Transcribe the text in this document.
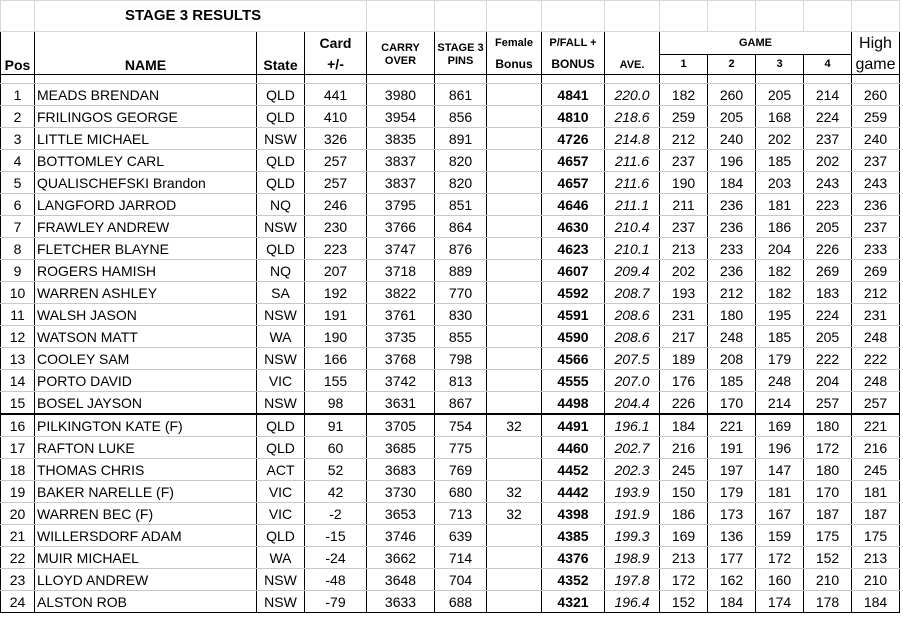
	STAGE 3 RESULTS												
Pos	NAME	State	Card	CARRY	STAGE 3	Female	P/FALL +	AVE.	GAME				High
			+/-	OVER	PINS	Bonus	BONUS		1	2	3	4	game

1	MEADS BRENDAN	QLD	441	3980	861		4841	220.0	182	260	205	214	260
2	FRILINGOS GEORGE	QLD	410	3954	856		4810	218.6	259	205	168	224	259
3	LITTLE MICHAEL	NSW	326	3835	891		4726	214.8	212	240	202	237	240
4	BOTTOMLEY CARL	QLD	257	3837	820		4657	211.6	237	196	185	202	237
5	QUALISCHEFSKI Brandon	QLD	257	3837	820		4657	211.6	190	184	203	243	243
6	LANGFORD JARROD	NQ	246	3795	851		4646	211.1	211	236	181	223	236
7	FRAWLEY ANDREW	NSW	230	3766	864		4630	210.4	237	236	186	205	237
8	FLETCHER BLAYNE	QLD	223	3747	876		4623	210.1	213	233	204	226	233
9	ROGERS HAMISH	NQ	207	3718	889		4607	209.4	202	236	182	269	269
10	WARREN ASHLEY	SA	192	3822	770		4592	208.7	193	212	182	183	212
11	WALSH JASON	NSW	191	3761	830		4591	208.6	231	180	195	224	231
12	WATSON MATT	WA	190	3735	855		4590	208.6	217	248	185	205	248
13	COOLEY SAM	NSW	166	3768	798		4566	207.5	189	208	179	222	222
14	PORTO DAVID	VIC	155	3742	813		4555	207.0	176	185	248	204	248
15	BOSEL JAYSON	NSW	98	3631	867		4498	204.4	226	170	214	257	257
16	PILKINGTON KATE (F)	QLD	91	3705	754	32	4491	196.1	184	221	169	180	221
17	RAFTON LUKE	QLD	60	3685	775		4460	202.7	216	191	196	172	216
18	THOMAS CHRIS	ACT	52	3683	769		4452	202.3	245	197	147	180	245
19	BAKER NARELLE (F)	VIC	42	3730	680	32	4442	193.9	150	179	181	170	181
20	WARREN BEC (F)	VIC	-2	3653	713	32	4398	191.9	186	173	167	187	187
21	WILLERSDORF ADAM	QLD	-15	3746	639		4385	199.3	169	136	159	175	175
22	MUIR MICHAEL	WA	-24	3662	714		4376	198.9	213	177	172	152	213
23	LLOYD ANDREW	NSW	-48	3648	704		4352	197.8	172	162	160	210	210
24	ALSTON ROB	NSW	-79	3633	688		4321	196.4	152	184	174	178	184
